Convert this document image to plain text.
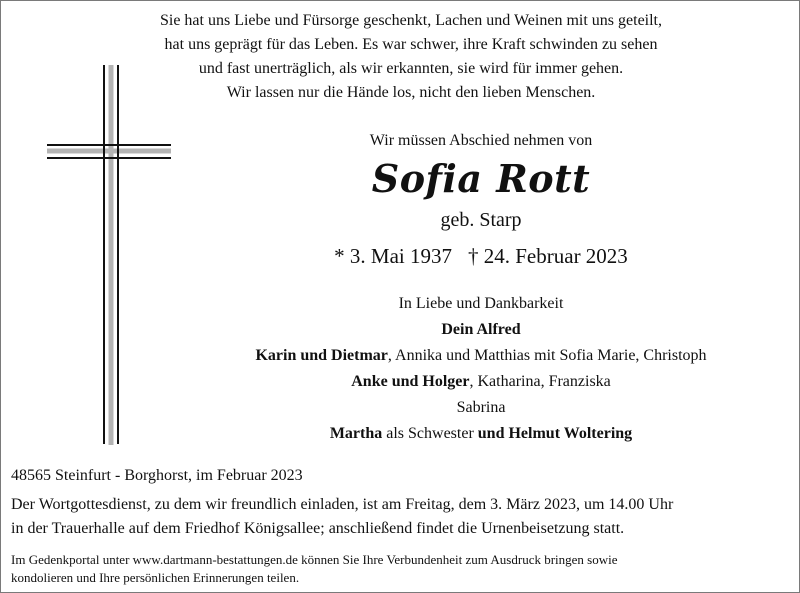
Sie hat uns Liebe und Fürsorge geschenkt, Lachen und Weinen mit uns geteilt,
hat uns geprägt für das Leben. Es war schwer, ihre Kraft schwinden zu sehen
und fast unerträglich, als wir erkannten, sie wird für immer gehen.
Wir lassen nur die Hände los, nicht den lieben Menschen.
Wir müssen Abschied nehmen von
Sofia Rott
geb. Starp
* 3. Mai 1937 † 24. Februar 2023
In Liebe und Dankbarkeit
Dein Alfred
Karin und Dietmar, Annika und Matthias mit Sofia Marie, Christoph
Anke und Holger, Katharina, Franziska
Sabrina
Martha als Schwester und Helmut Woltering
48565 Steinfurt - Borghorst, im Februar 2023
Der Wortgottesdienst, zu dem wir freundlich einladen, ist am Freitag, dem 3. März 2023, um 14.00 Uhr
in der Trauerhalle auf dem Friedhof Königsallee; anschließend findet die Urnenbeisetzung statt.
Im Gedenkportal unter www.dartmann-bestattungen.de können Sie Ihre Verbundenheit zum Ausdruck bringen sowie
kondolieren und Ihre persönlichen Erinnerungen teilen.
